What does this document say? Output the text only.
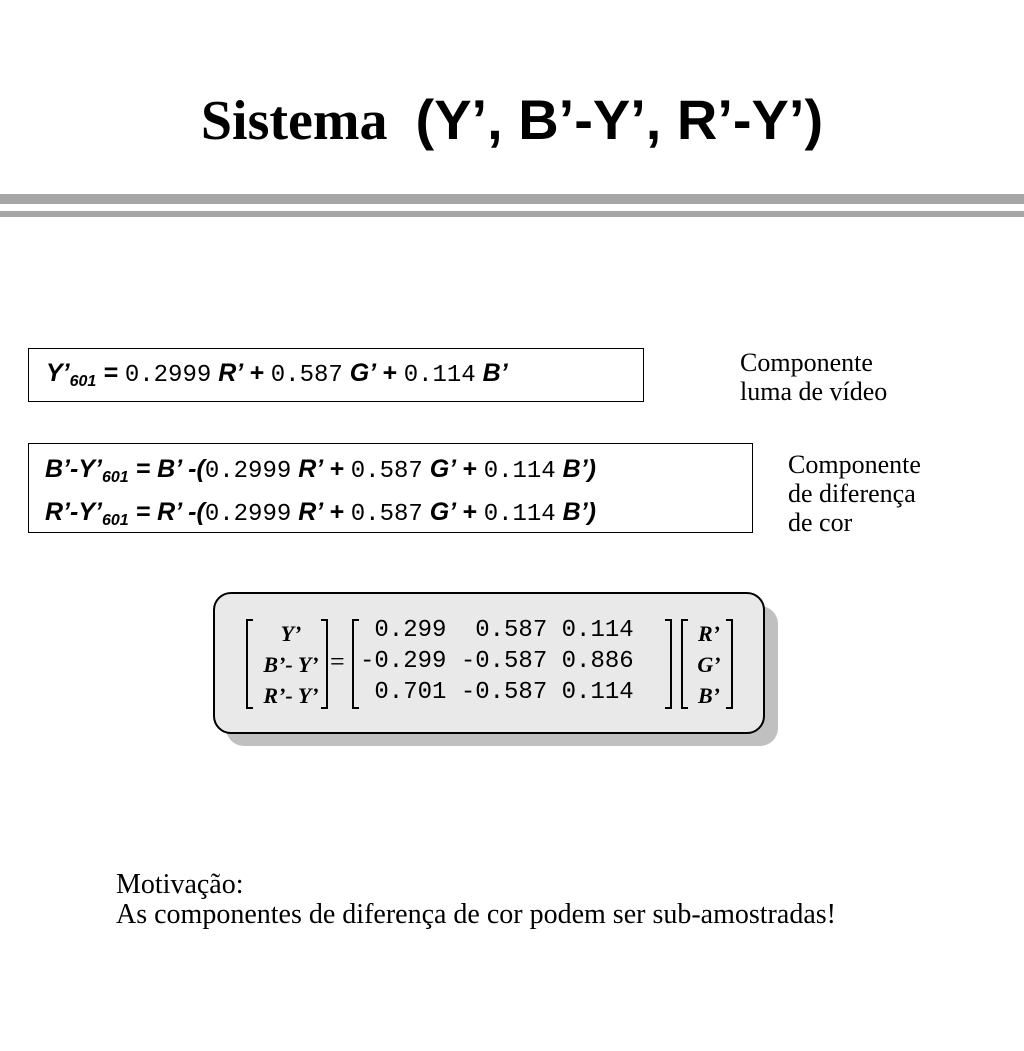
Sistema (Y’, B’-Y’, R’-Y’)
$Y’_{601} = 0.2999$ R’ + 0.587 G’ + 0.114 B’	Componente
luma de vídeo
$B’-Y’_{601} = B$’ -(0.2999 R’ + 0.587 G’ + 0.114 B’)
$R’-Y’_{601} = R$’ -(0.2999 R’ + 0.587 G’ + 0.114 B’)
Componente
de diferença
de cor
Y’
B’- Y’
R’- Y’
=
0.299  0.587 0.114
-0.299 -0.587 0.886
0.701 -0.587 0.114
R’
G’
B’
Motivação:
As componentes de diferença de cor podem ser sub-amostradas!
